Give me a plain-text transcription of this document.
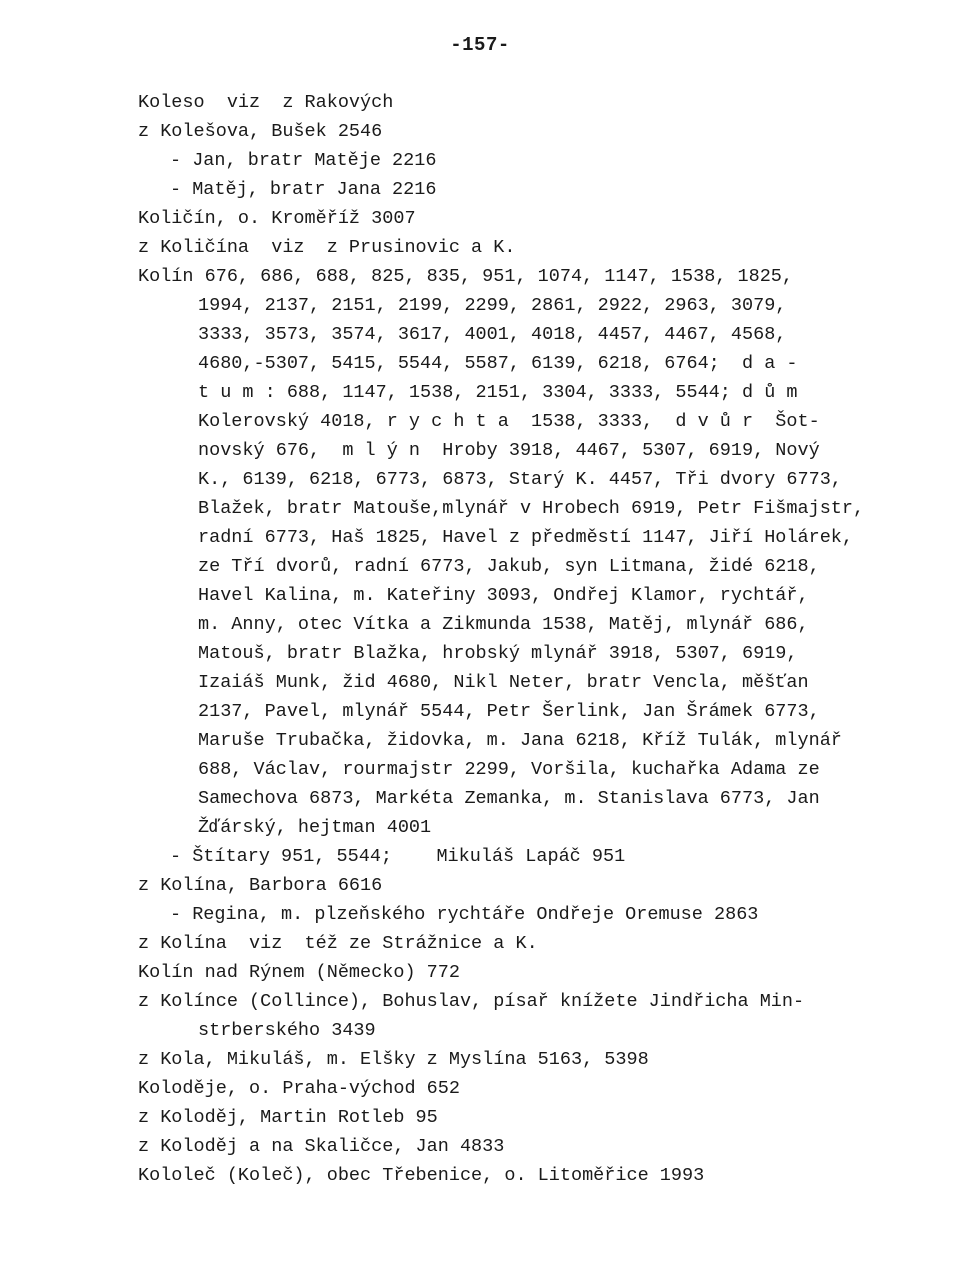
-157-
Koleso  viz  z Rakových
z Kolešova, Bušek 2546
- Jan, bratr Matěje 2216
- Matěj, bratr Jana 2216
Količín, o. Kroměříž 3007
z Količína  viz  z Prusinovic a K.
Kolín 676, 686, 688, 825, 835, 951, 1074, 1147, 1538, 1825,
1994, 2137, 2151, 2199, 2299, 2861, 2922, 2963, 3079,
3333, 3573, 3574, 3617, 4001, 4018, 4457, 4467, 4568,
4680,-5307, 5415, 5544, 5587, 6139, 6218, 6764;  d a -
t u m : 688, 1147, 1538, 2151, 3304, 3333, 5544; d ů m
Kolerovský 4018, r y c h t a  1538, 3333,  d v ů r  Šot-
novský 676,  m l ý n  Hroby 3918, 4467, 5307, 6919, Nový
K., 6139, 6218, 6773, 6873, Starý K. 4457, Tři dvory 6773,
Blažek, bratr Matouše,mlynář v Hrobech 6919, Petr Fišmajstr,
radní 6773, Haš 1825, Havel z předměstí 1147, Jiří Holárek,
ze Tří dvorů, radní 6773, Jakub, syn Litmana, židé 6218,
Havel Kalina, m. Kateřiny 3093, Ondřej Klamor, rychtář,
m. Anny, otec Vítka a Zikmunda 1538, Matěj, mlynář 686,
Matouš, bratr Blažka, hrobský mlynář 3918, 5307, 6919,
Izaiáš Munk, žid 4680, Nikl Neter, bratr Vencla, měšťan
2137, Pavel, mlynář 5544, Petr Šerlink, Jan Šrámek 6773,
Maruše Trubačka, židovka, m. Jana 6218, Kříž Tulák, mlynář
688, Václav, rourmajstr 2299, Voršila, kuchařka Adama ze
Samechova 6873, Markéta Zemanka, m. Stanislava 6773, Jan
Žďárský, hejtman 4001
- Štítary 951, 5544;    Mikuláš Lapáč 951
z Kolína, Barbora 6616
- Regina, m. plzeňského rychtáře Ondřeje Oremuse 2863
z Kolína  viz  též ze Strážnice a K.
Kolín nad Rýnem (Německo) 772
z Kolínce (Collince), Bohuslav, písař knížete Jindřicha Min-
strberského 3439
z Kola, Mikuláš, m. Elšky z Myslína 5163, 5398
Koloděje, o. Praha-východ 652
z Koloděj, Martin Rotleb 95
z Koloděj a na Skaličce, Jan 4833
Kololeč (Koleč), obec Třebenice, o. Litoměřice 1993
